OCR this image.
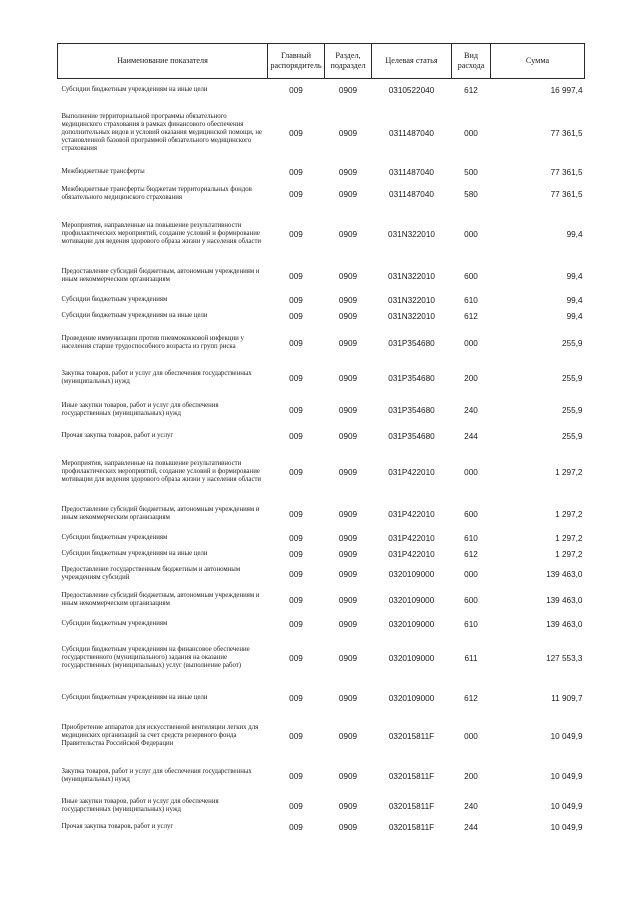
Наименование показателя	Главный распорядитель	Раздел, подраздел	Целевая статья	Вид расхода	Сумма

Субсидии бюджетным учреждениям на иные цели	009	0909	0310522040	612	16 997,4

Выполнение территориальной программы обязательного медицинского страхования в рамках финансового обеспечения дополнительных видов и условий оказания медицинской помощи, не установленной базовой программой обязательного медицинского страхования	009	0909	0311487040	000	77 361,5

Межбюджетные трансферты	009	0909	0311487040	500	77 361,5

Межбюджетные трансферты бюджетам территориальных фондов обязательного медицинского страхования	009	0909	0311487040	580	77 361,5

Мероприятия, направленные на повышение результативности профилактических мероприятий, создание условий и формирование мотивации для ведения здорового образа жизни у населения области	009	0909	031N322010	000	99,4

Предоставление субсидий бюджетным, автономным учреждениям и иным некоммерческим организациям	009	0909	031N322010	600	99,4

Субсидии бюджетным учреждениям	009	0909	031N322010	610	99,4

Субсидии бюджетным учреждениям на иные цели	009	0909	031N322010	612	99,4

Проведение иммунизации против пневмококковой инфекции у населения старше трудоспособного возраста из групп риска	009	0909	031P354680	000	255,9

Закупка товаров, работ и услуг для обеспечения государственных (муниципальных) нужд	009	0909	031P354680	200	255,9

Иные закупки товаров, работ и услуг для обеспечения государственных (муниципальных) нужд	009	0909	031P354680	240	255,9

Прочая закупка товаров, работ и услуг	009	0909	031P354680	244	255,9

Мероприятия, направленные на повышение результативности профилактических мероприятий, создание условий и формирование мотивации для ведения здорового образа жизни у населения области	009	0909	031P422010	000	1 297,2

Предоставление субсидий бюджетным, автономным учреждениям и иным некоммерческим организациям	009	0909	031P422010	600	1 297,2

Субсидии бюджетным учреждениям	009	0909	031P422010	610	1 297,2

Субсидии бюджетным учреждениям на иные цели	009	0909	031P422010	612	1 297,2

Предоставление государственным бюджетным и автономным учреждениям субсидий	009	0909	0320109000	000	139 463,0

Предоставление субсидий бюджетным, автономным учреждениям и иным некоммерческим организациям	009	0909	0320109000	600	139 463,0

Субсидии бюджетным учреждениям	009	0909	0320109000	610	139 463,0

Субсидии бюджетным учреждениям на финансовое обеспечение государственного (муниципального) задания на оказание государственных (муниципальных) услуг (выполнение работ)	009	0909	0320109000	611	127 553,3

Субсидии бюджетным учреждениям на иные цели	009	0909	0320109000	612	11 909,7

Приобретение аппаратов для искусственной вентиляции легких для медицинских организаций за счет средств резервного фонда Правительства Российской Федерации	009	0909	032015811F	000	10 049,9

Закупка товаров, работ и услуг для обеспечения государственных (муниципальных) нужд	009	0909	032015811F	200	10 049,9

Иные закупки товаров, работ и услуг для обеспечения государственных (муниципальных) нужд	009	0909	032015811F	240	10 049,9

Прочая закупка товаров, работ и услуг	009	0909	032015811F	244	10 049,9
